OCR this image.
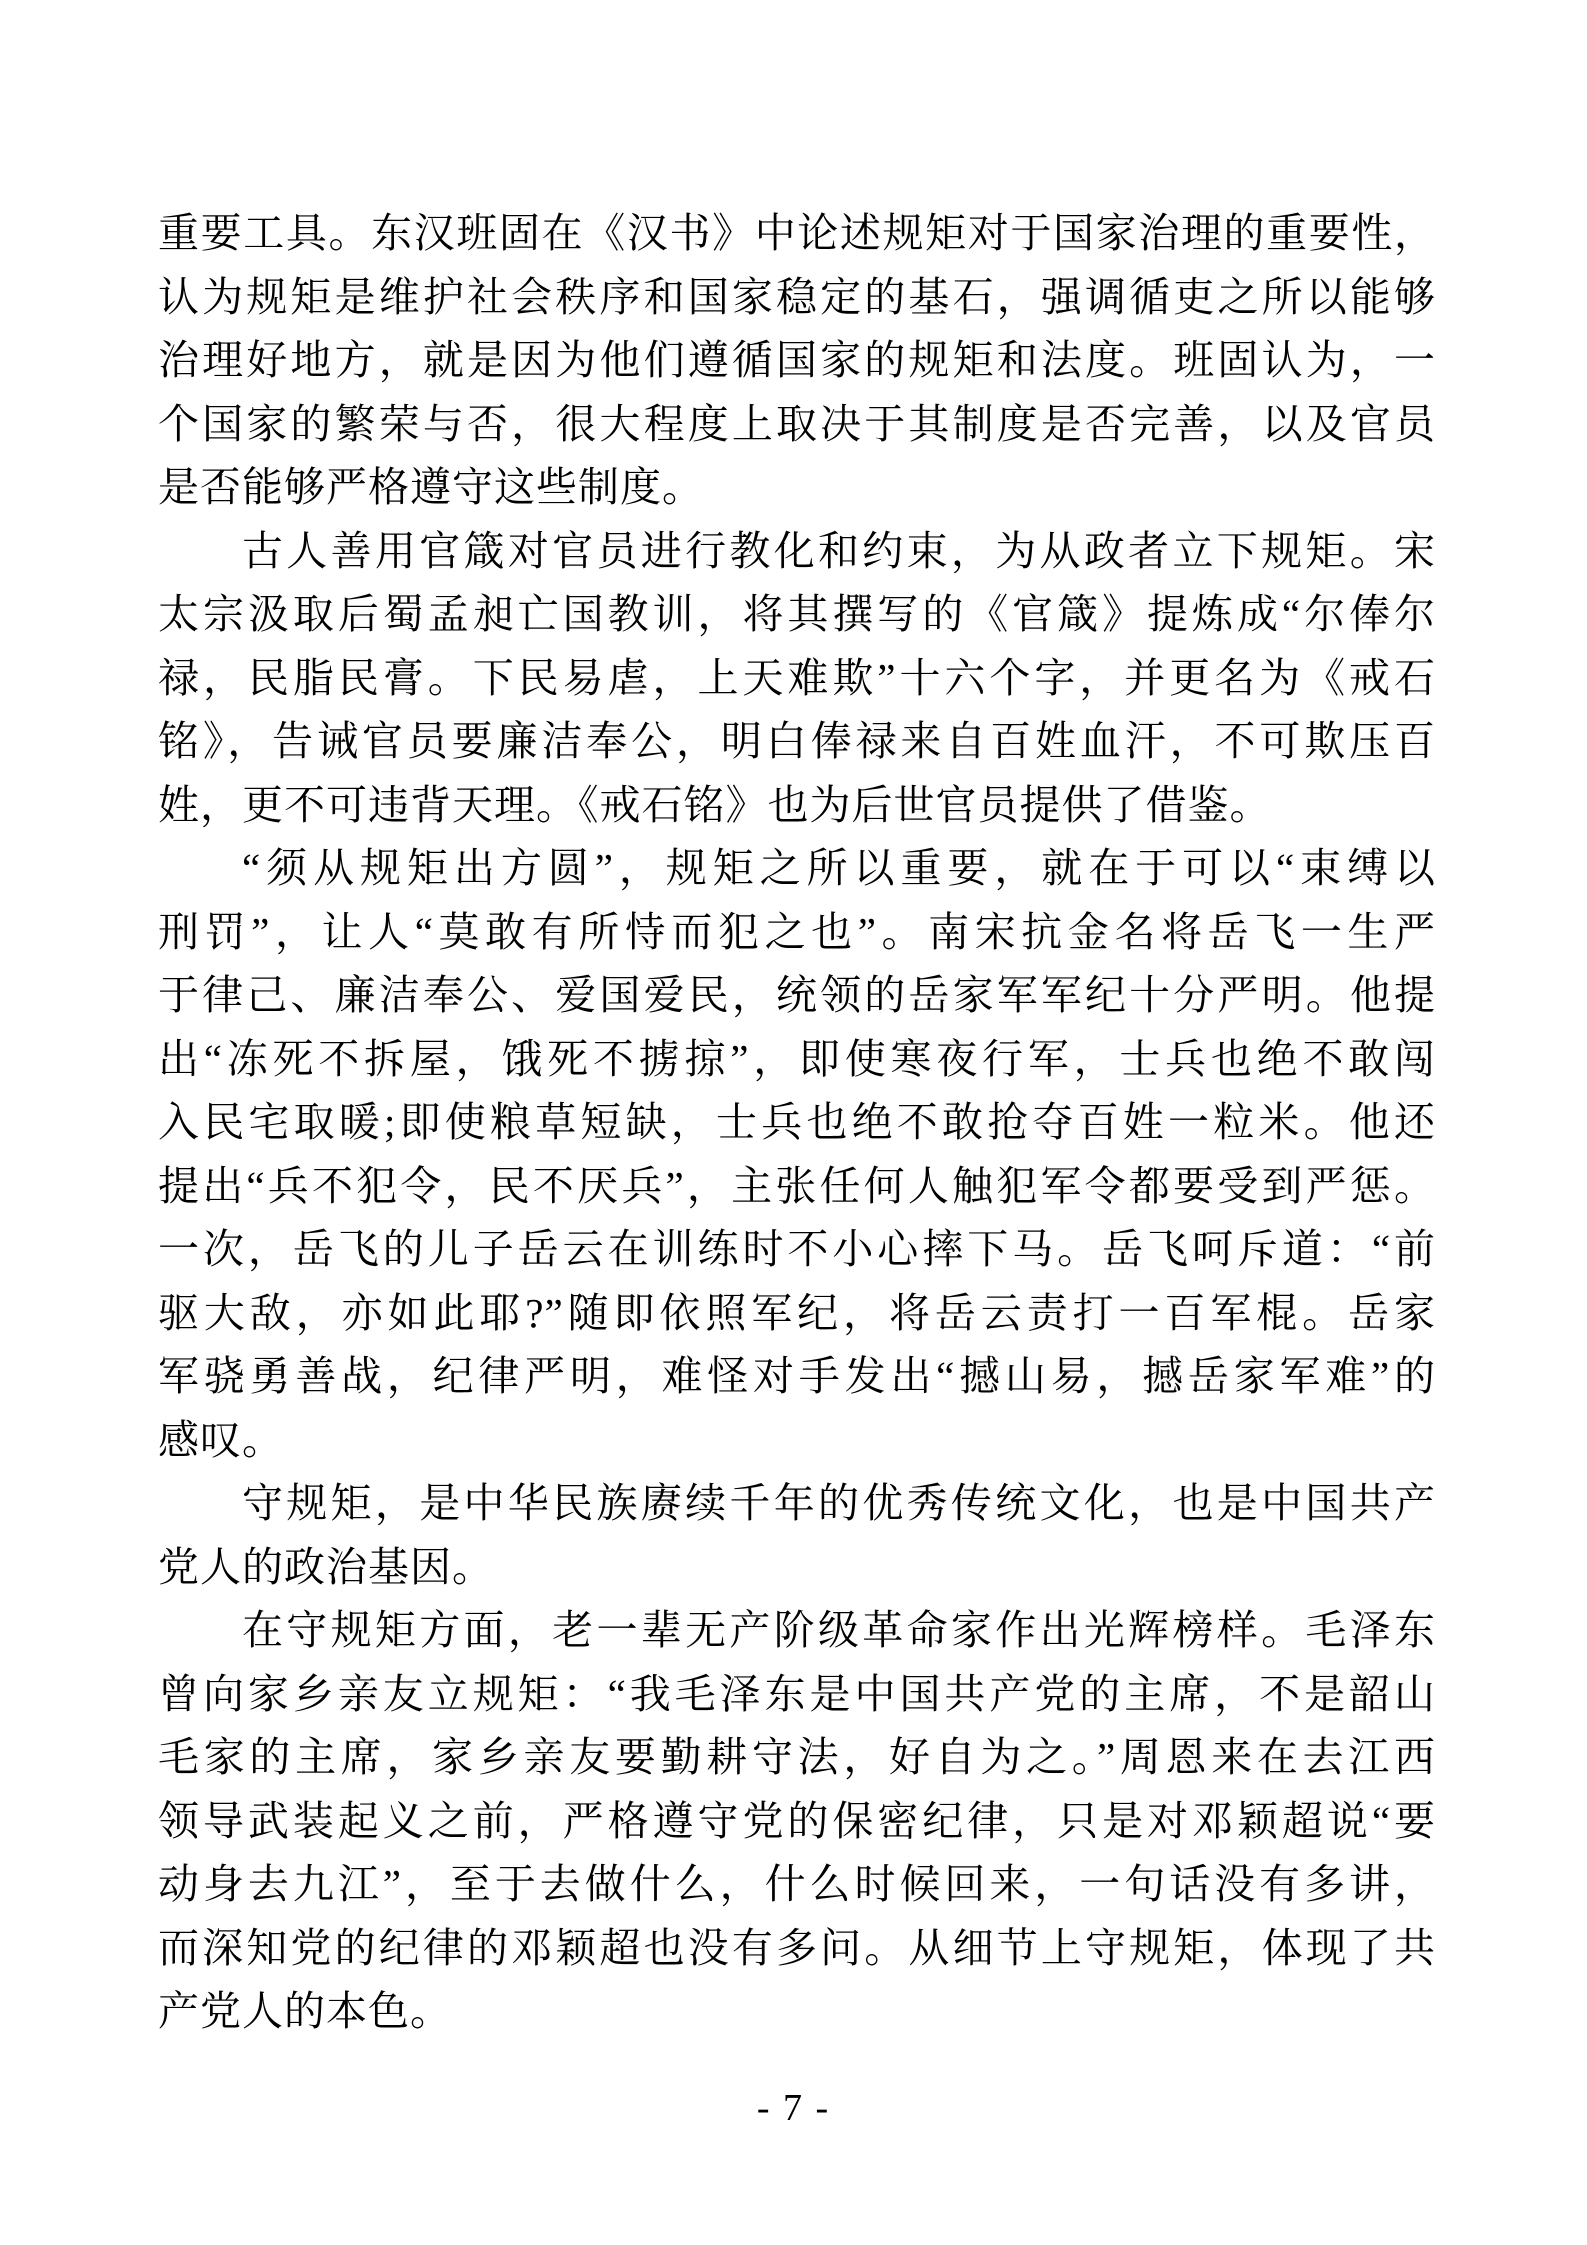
重要工具。东汉班固在《汉书》中论述规矩对于国家治理的重要性，
认为规矩是维护社会秩序和国家稳定的基石，强调循吏之所以能够
治理好地方，就是因为他们遵循国家的规矩和法度。班固认为，一
个国家的繁荣与否，很大程度上取决于其制度是否完善，以及官员
是否能够严格遵守这些制度。
古人善用官箴对官员进行教化和约束，为从政者立下规矩。宋
太宗汲取后蜀孟昶亡国教训，将其撰写的《官箴》提炼成“尔俸尔
禄，民脂民膏。下民易虐，上天难欺”十六个字，并更名为《戒石
铭》，告诫官员要廉洁奉公，明白俸禄来自百姓血汗，不可欺压百
姓，更不可违背天理。《戒石铭》也为后世官员提供了借鉴。
“须从规矩出方圆”，规矩之所以重要，就在于可以“束缚以
刑罚”，让人“莫敢有所恃而犯之也”。南宋抗金名将岳飞一生严
于律己、廉洁奉公、爱国爱民，统领的岳家军军纪十分严明。他提
出“冻死不拆屋，饿死不掳掠”，即使寒夜行军，士兵也绝不敢闯
入民宅取暖;即使粮草短缺，士兵也绝不敢抢夺百姓一粒米。他还
提出“兵不犯令，民不厌兵”，主张任何人触犯军令都要受到严惩。
一次，岳飞的儿子岳云在训练时不小心摔下马。岳飞呵斥道：“前
驱大敌，亦如此耶?”随即依照军纪，将岳云责打一百军棍。岳家
军骁勇善战，纪律严明，难怪对手发出“撼山易，撼岳家军难”的
感叹。
守规矩，是中华民族赓续千年的优秀传统文化，也是中国共产
党人的政治基因。
在守规矩方面，老一辈无产阶级革命家作出光辉榜样。毛泽东
曾向家乡亲友立规矩：“我毛泽东是中国共产党的主席，不是韶山
毛家的主席，家乡亲友要勤耕守法，好自为之。”周恩来在去江西
领导武装起义之前，严格遵守党的保密纪律，只是对邓颖超说“要
动身去九江”，至于去做什么，什么时候回来，一句话没有多讲，
而深知党的纪律的邓颖超也没有多问。从细节上守规矩，体现了共
产党人的本色。
- 7 -
